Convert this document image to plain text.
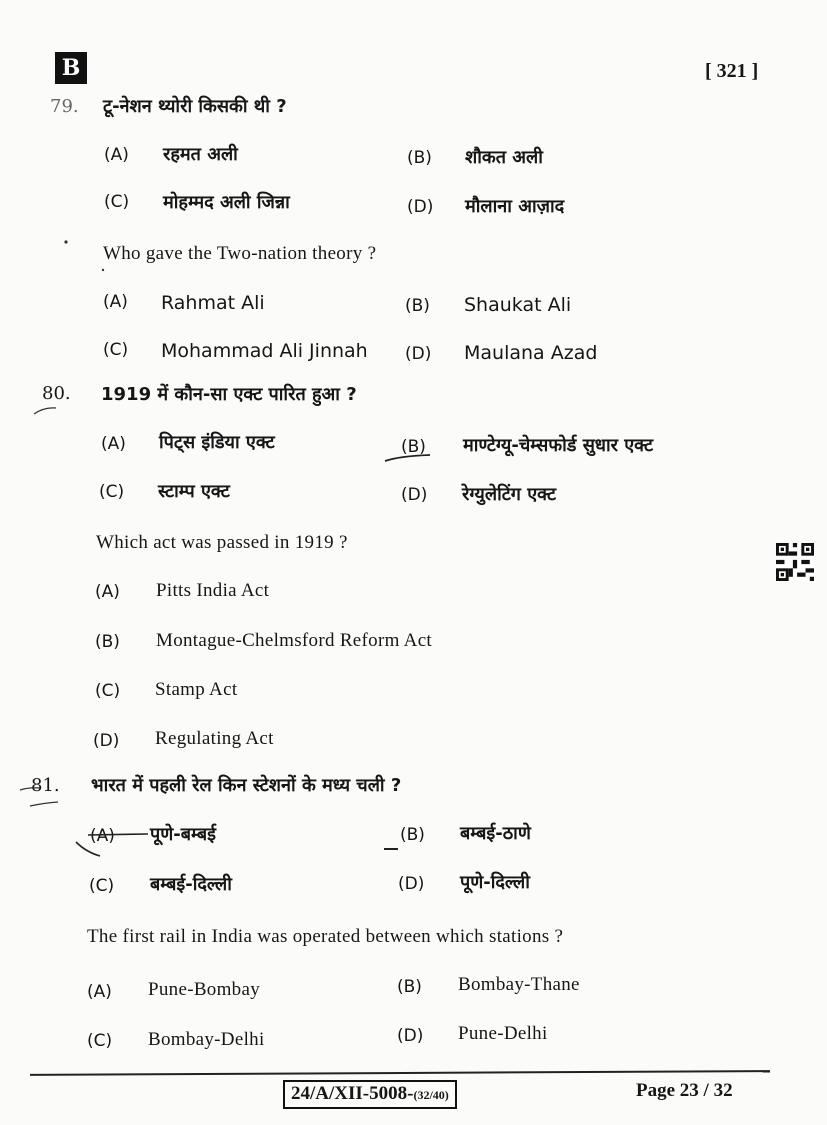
B	[ 321 ]
79. टू-नेशन थ्योरी किसकी थी ?
(A) रहमत अली	(B) शौकत अली
(C) मोहम्मद अली जिन्ना	(D) मौलाना आज़ाद
Who gave the Two-nation theory ?
(A) Rahmat Ali	(B) Shaukat Ali
(C) Mohammad Ali Jinnah (D) Maulana Azad
80. 1919 में कौन-सा एक्ट पारित हुआ ?
(A) पिट्स इंडिया एक्ट	(B) माण्टेग्यू-चेम्सफोर्ड सुधार एक्ट
(C) स्टाम्प एक्ट	(D) रेग्युलेटिंग एक्ट
Which act was passed in 1919 ?
(A) Pitts India Act
(B) Montague-Chelmsford Reform Act
(C) Stamp Act
(D) Regulating Act
81. भारत में पहली रेल किन स्टेशनों के मध्य चली ?
(A) पूणे-बम्बई	(B) बम्बई-ठाणे
(C) बम्बई-दिल्ली	(D) पूणे-दिल्ली
The first rail in India was operated between which stations ?
(A) Pune-Bombay	(B) Bombay-Thane
(C) Bombay-Delhi	(D) Pune-Delhi
24/A/XII-5008-(32/40)	Page 23 / 32
